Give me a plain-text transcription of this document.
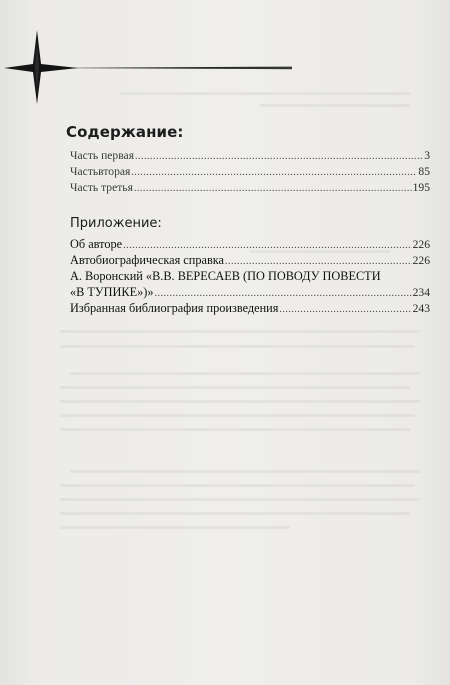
Содержание:
Часть первая .....	3
Частьвторая .....	85
Часть третья .....	195
Приложение:
Об авторе .....	226
Автобиографическая справка .....	226
А. Воронский «В.В. ВЕРЕСАЕВ (ПО ПОВОДУ ПОВЕСТИ
«В ТУПИКЕ»)» .....	234
Избранная библиография произведения .....	243
